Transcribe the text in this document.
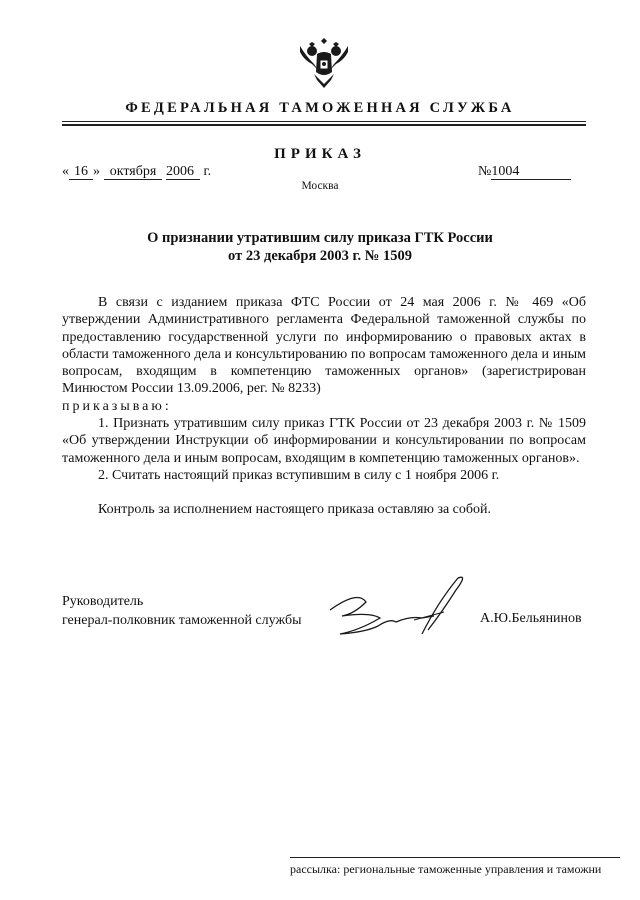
ФЕДЕРАЛЬНАЯ ТАМОЖЕННАЯ СЛУЖБА
ПРИКАЗ
« 16 » октября 2006 г.	№1004
Москва
О признании утратившим силу приказа ГТК России
от 23 декабря 2003 г. № 1509

В связи с изданием приказа ФТС России от 24 мая 2006 г. № 469 «Об утверждении Административного регламента Федеральной таможенной службы по предоставлению государственной услуги по информированию о правовых актах в области таможенного дела и консультированию по вопросам таможенного дела и иным вопросам, входящим в компетенцию таможенных органов» (зарегистрирован Минюстом России 13.09.2006, рег. № 8233)

приказываю:

1. Признать утратившим силу приказ ГТК России от 23 декабря 2003 г. № 1509 «Об утверждении Инструкции об информировании и консультировании по вопросам таможенного дела и иным вопросам, входящим в компетенцию таможенных органов».

2. Считать настоящий приказ вступившим в силу с 1 ноября 2006 г.

Контроль за исполнением настоящего приказа оставляю за собой.

Руководитель
генерал-полковник таможенной службы	А.Ю.Бельянинов
рассылка: региональные таможенные управления и таможни
